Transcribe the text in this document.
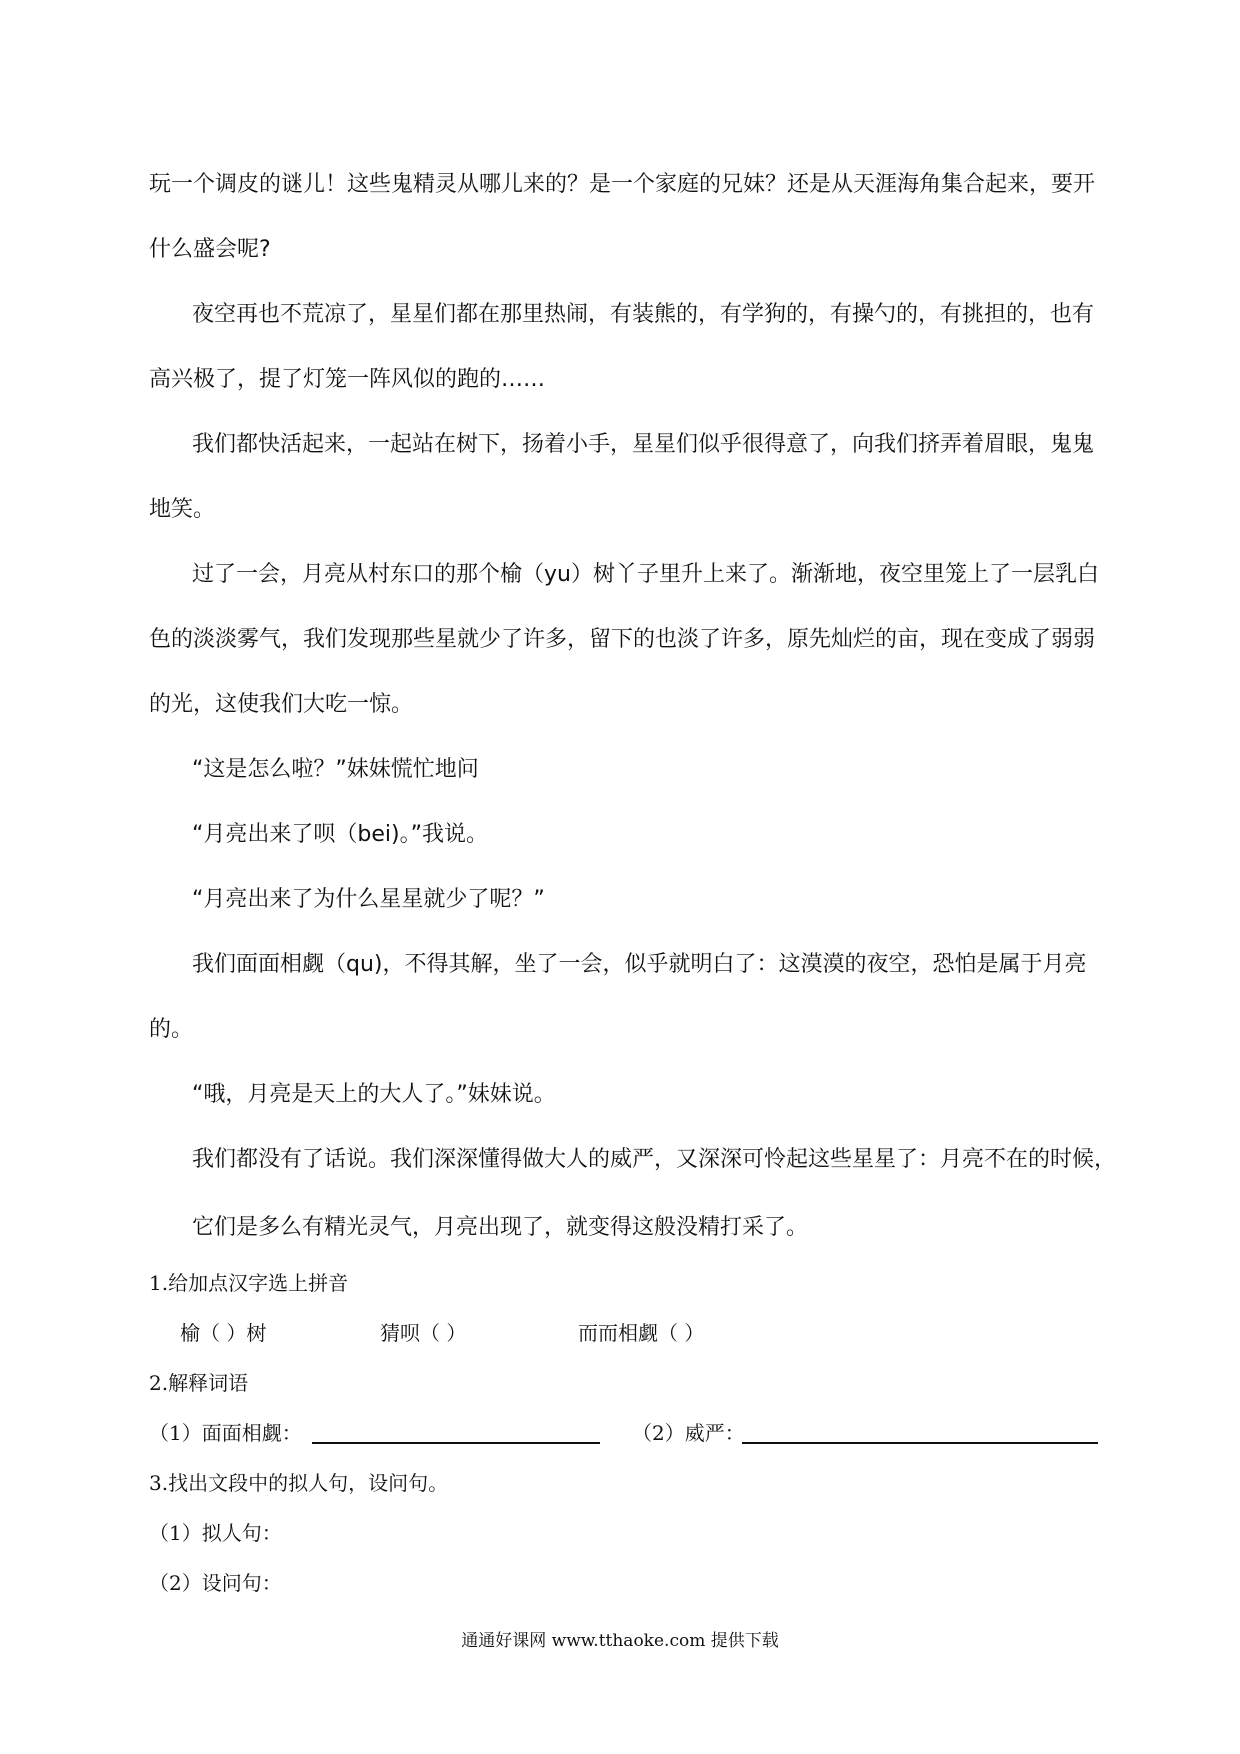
玩一个调皮的谜儿！这些鬼精灵从哪儿来的？是一个家庭的兄妹？还是从天涯海角集合起来，要开
什么盛会呢?
夜空再也不荒凉了，星星们都在那里热闹，有装熊的，有学狗的，有操勺的，有挑担的，也有
高兴极了，提了灯笼一阵风似的跑的……
我们都快活起来，一起站在树下，扬着小手，星星们似乎很得意了，向我们挤弄着眉眼，鬼鬼
地笑。
过了一会，月亮从村东口的那个榆（yu）树丫子里升上来了。渐渐地，夜空里笼上了一层乳白
色的淡淡雾气，我们发现那些星就少了许多，留下的也淡了许多，原先灿烂的亩，现在变成了弱弱
的光，这使我们大吃一惊。
“这是怎么啦？”妹妹慌忙地问
“月亮出来了呗（bei)。”我说。
“月亮出来了为什么星星就少了呢？”
我们面面相觑（qu)，不得其解，坐了一会，似乎就明白了：这漠漠的夜空，恐怕是属于月亮
的。
“哦，月亮是天上的大人了。”妹妹说。
我们都没有了话说。我们深深懂得做大人的威严，又深深可怜起这些星星了：月亮不在的时候，
它们是多么有精光灵气，月亮出现了，就变得这般没精打采了。
1.给加点汉字选上拼音
榆（ ）树	猜呗（ ）	而而相觑（ ）
2.解释词语
（1）面面相觑：	（2）威严：
3.找出文段中的拟人句，设问句。
（1）拟人句：
（2）设问句：
通通好课网 www.tthaoke.com 提供下载
